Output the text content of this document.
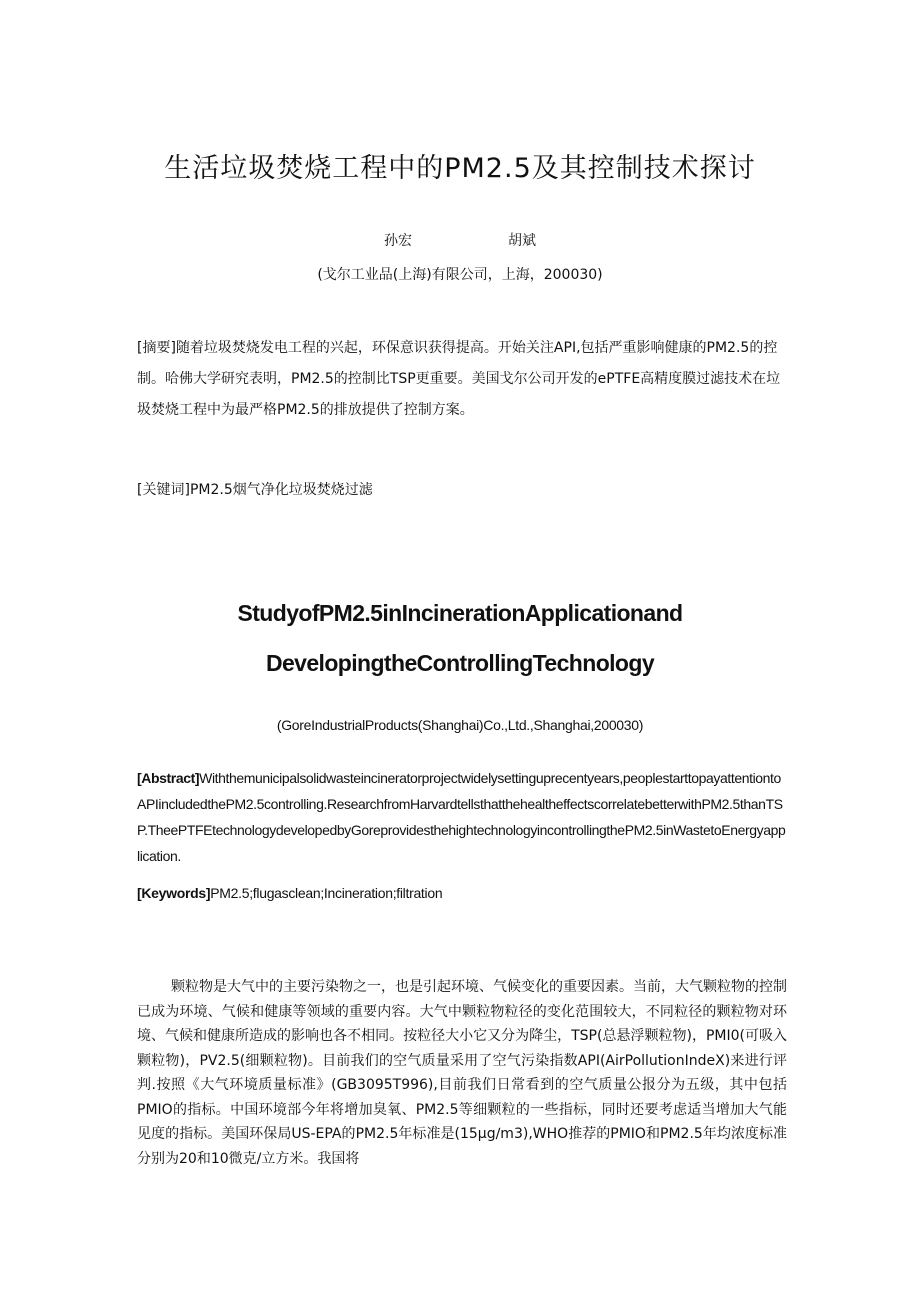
生活垃圾焚烧工程中的PM2.5及其控制技术探讨
孙宏	胡斌
(戈尔工业品(上海)有限公司，上海，200030)
[摘要]随着垃圾焚烧发电工程的兴起，环保意识获得提高。开始关注API,包括严重影响健康的PM2.5的控制。哈佛大学研究表明，PM2.5的控制比TSP更重要。美国戈尔公司开发的ePTFE高精度膜过滤技术在垃圾焚烧工程中为最严格PM2.5的排放提供了控制方案。
[关键词]PM2.5烟气净化垃圾焚烧过滤
StudyofPM2.5inIncinerationApplicationand
DevelopingtheControllingTechnology
(GoreIndustrialProducts(Shanghai)Co.,Ltd.,Shanghai,200030)
[Abstract]Withthemunicipalsolidwasteincineratorprojectwidelysettinguprecentyears,peoplestarttopayattentiontoAPIincludedthePM2.5controlling.ResearchfromHarvardtellsthatthehealtheffectscorrelatebetterwithPM2.5thanTSP.TheePTFEtechnologydevelopedbyGoreprovidesthehightechnologyincontrollingthePM2.5inWastetoEnergyapplication.
[Keywords]PM2.5;flugasclean;Incineration;filtration
颗粒物是大气中的主要污染物之一，也是引起环境、气候变化的重要因素。当前，大气颗粒物的控制已成为环境、气候和健康等领域的重要内容。大气中颗粒物粒径的变化范围较大，不同粒径的颗粒物对环境、气候和健康所造成的影响也各不相同。按粒径大小它又分为降尘，TSP(总悬浮颗粒物)，PMI0(可吸入颗粒物)，PV2.5(细颗粒物)。目前我们的空气质量采用了空气污染指数API(AirPollutionIndeX)来进行评判.按照《大气环境质量标准》(GB3095T996),目前我们日常看到的空气质量公报分为五级，其中包括PMIO的指标。中国环境部今年将增加臭氧、PM2.5等细颗粒的一些指标，同时还要考虑适当增加大气能见度的指标。美国环保局US-EPA的PM2.5年标准是(15μg∕m3),WHO推荐的PMIO和PM2.5年均浓度标准分别为20和10微克/立方米。我国将
